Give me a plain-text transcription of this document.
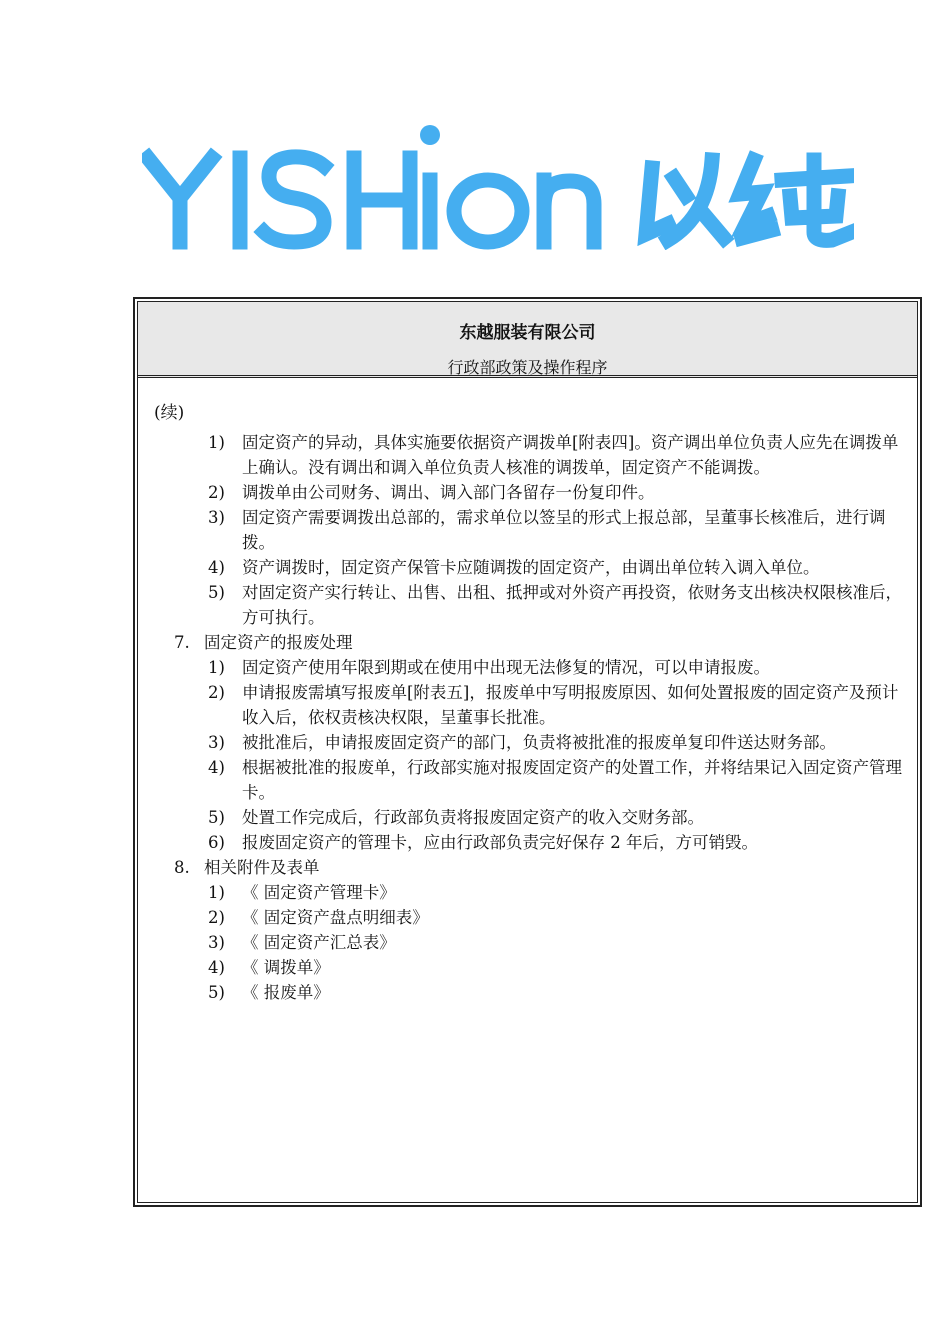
东越服装有限公司
行政部政策及操作程序
(续)
1) 固定资产的异动，具体实施要依据资产调拨单[附表四]。资产调出单位负责人应先在调拨单上确认。没有调出和调入单位负责人核准的调拨单，固定资产不能调拨。
2) 调拨单由公司财务、调出、调入部门各留存一份复印件。
3) 固定资产需要调拨出总部的，需求单位以签呈的形式上报总部，呈董事长核准后，进行调拨。
4) 资产调拨时，固定资产保管卡应随调拨的固定资产，由调出单位转入调入单位。
5) 对固定资产实行转让、出售、出租、抵押或对外资产再投资，依财务支出核决权限核准后，方可执行。
7. 固定资产的报废处理
1) 固定资产使用年限到期或在使用中出现无法修复的情况，可以申请报废。
2) 申请报废需填写报废单[附表五]，报废单中写明报废原因、如何处置报废的固定资产及预计收入后，依权责核决权限，呈董事长批准。
3) 被批准后，申请报废固定资产的部门，负责将被批准的报废单复印件送达财务部。
4) 根据被批准的报废单，行政部实施对报废固定资产的处置工作，并将结果记入固定资产管理卡。
5) 处置工作完成后，行政部负责将报废固定资产的收入交财务部。
6) 报废固定资产的管理卡，应由行政部负责完好保存 2 年后，方可销毁。
8. 相关附件及表单
1) 《 固定资产管理卡》
2) 《 固定资产盘点明细表》
3) 《 固定资产汇总表》
4) 《 调拨单》
5) 《 报废单》
